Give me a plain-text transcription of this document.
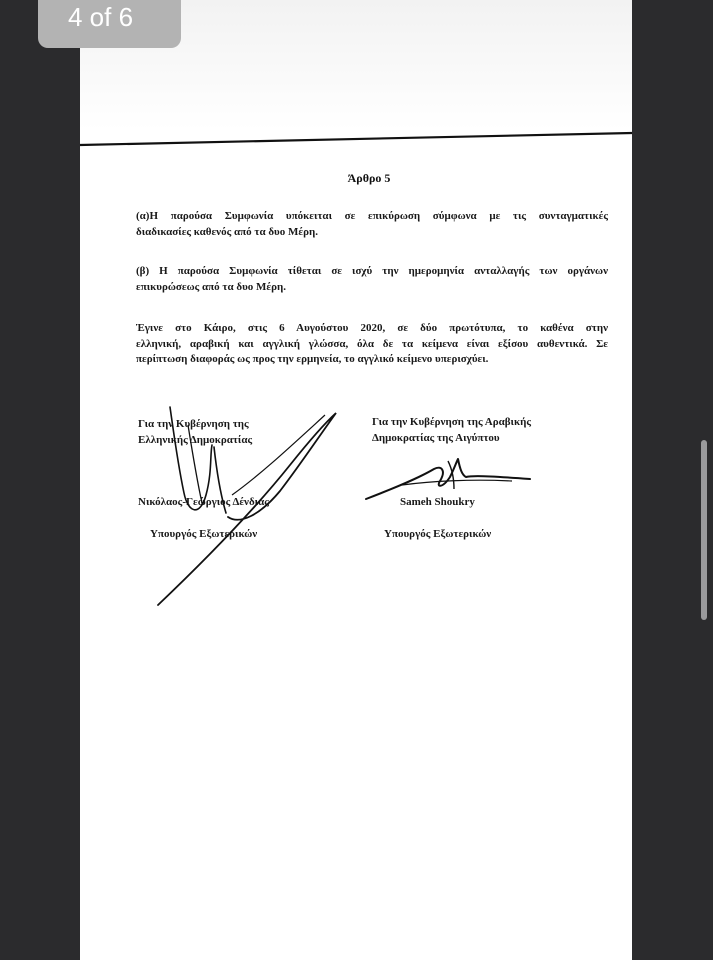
Άρθρο 5
(α)Η παρούσα Συμφωνία υπόκειται σε επικύρωση σύμφωνα με τις συνταγματικές
διαδικασίες καθενός από τα δυο Μέρη.
(β) Η παρούσα Συμφωνία τίθεται σε ισχύ την ημερομηνία ανταλλαγής των οργάνων
επικυρώσεως από τα δυο Μέρη.
Έγινε στο Κάιρο, στις 6 Αυγούστου 2020, σε δύο πρωτότυπα, το καθένα στην
ελληνική, αραβική και αγγλική γλώσσα, όλα δε τα κείμενα είναι εξίσου αυθεντικά. Σε
περίπτωση διαφοράς ως προς την ερμηνεία, το αγγλικό κείμενο υπερισχύει.
Για την Κυβέρνηση της
Ελληνικής Δημοκρατίας
Νικόλαος-Γεώργιος Δένδιας
Υπουργός Εξωτερικών
Για την Κυβέρνηση της Αραβικής
Δημοκρατίας της Αιγύπτου
Sameh Shoukry
Υπουργός Εξωτερικών
4 of 6
